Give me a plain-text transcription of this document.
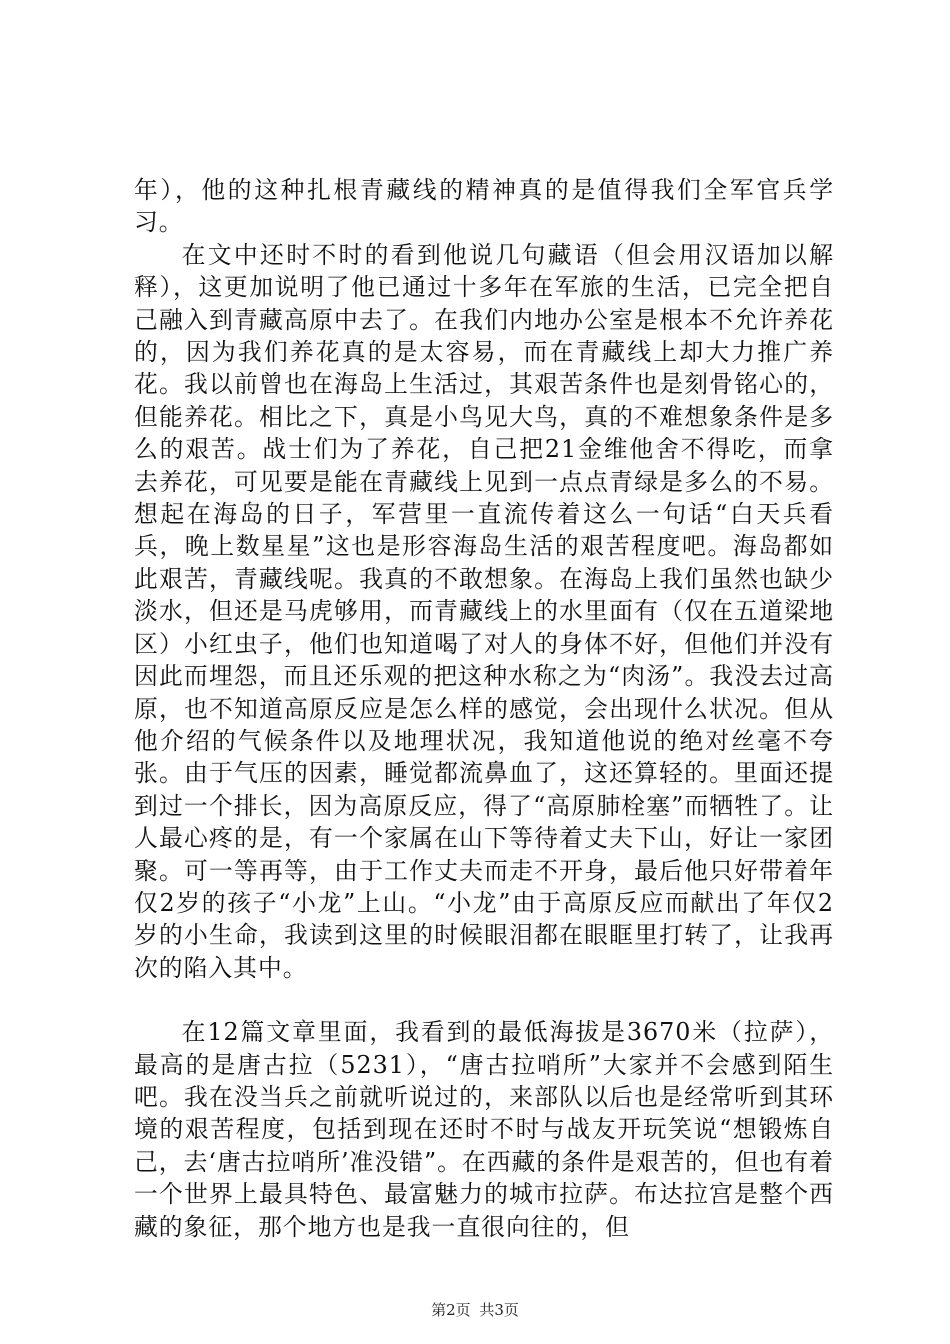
年），他的这种扎根青藏线的精神真的是值得我们全军官兵学习。

在文中还时不时的看到他说几句藏语（但会用汉语加以解释），这更加说明了他已通过十多年在军旅的生活，已完全把自己融入到青藏高原中去了。在我们内地办公室是根本不允许养花的，因为我们养花真的是太容易，而在青藏线上却大力推广养花。我以前曾也在海岛上生活过，其艰苦条件也是刻骨铭心的，但能养花。相比之下，真是小鸟见大鸟，真的不难想象条件是多么的艰苦。战士们为了养花，自己把21金维他舍不得吃，而拿去养花，可见要是能在青藏线上见到一点点青绿是多么的不易。想起在海岛的日子，军营里一直流传着这么一句话“白天兵看兵，晚上数星星”这也是形容海岛生活的艰苦程度吧。海岛都如此艰苦，青藏线呢。我真的不敢想象。在海岛上我们虽然也缺少淡水，但还是马虎够用，而青藏线上的水里面有（仅在五道梁地区）小红虫子，他们也知道喝了对人的身体不好，但他们并没有因此而埋怨，而且还乐观的把这种水称之为“肉汤”。我没去过高原，也不知道高原反应是怎么样的感觉，会出现什么状况。但从他介绍的气候条件以及地理状况，我知道他说的绝对丝毫不夸张。由于气压的因素，睡觉都流鼻血了，这还算轻的。里面还提到过一个排长，因为高原反应，得了“高原肺栓塞”而牺牲了。让人最心疼的是，有一个家属在山下等待着丈夫下山，好让一家团聚。可一等再等，由于工作丈夫而走不开身，最后他只好带着年仅2岁的孩子“小龙”上山。“小龙”由于高原反应而献出了年仅2岁的小生命，我读到这里的时候眼泪都在眼眶里打转了，让我再次的陷入其中。

在12篇文章里面，我看到的最低海拔是3670米（拉萨），最高的是唐古拉（5231），“唐古拉哨所”大家并不会感到陌生吧。我在没当兵之前就听说过的，来部队以后也是经常听到其环境的艰苦程度，包括到现在还时不时与战友开玩笑说“想锻炼自己，去‘唐古拉哨所’准没错”。在西藏的条件是艰苦的，但也有着一个世界上最具特色、最富魅力的城市拉萨。布达拉宫是整个西藏的象征，那个地方也是我一直很向往的，但

第2页 共3页
